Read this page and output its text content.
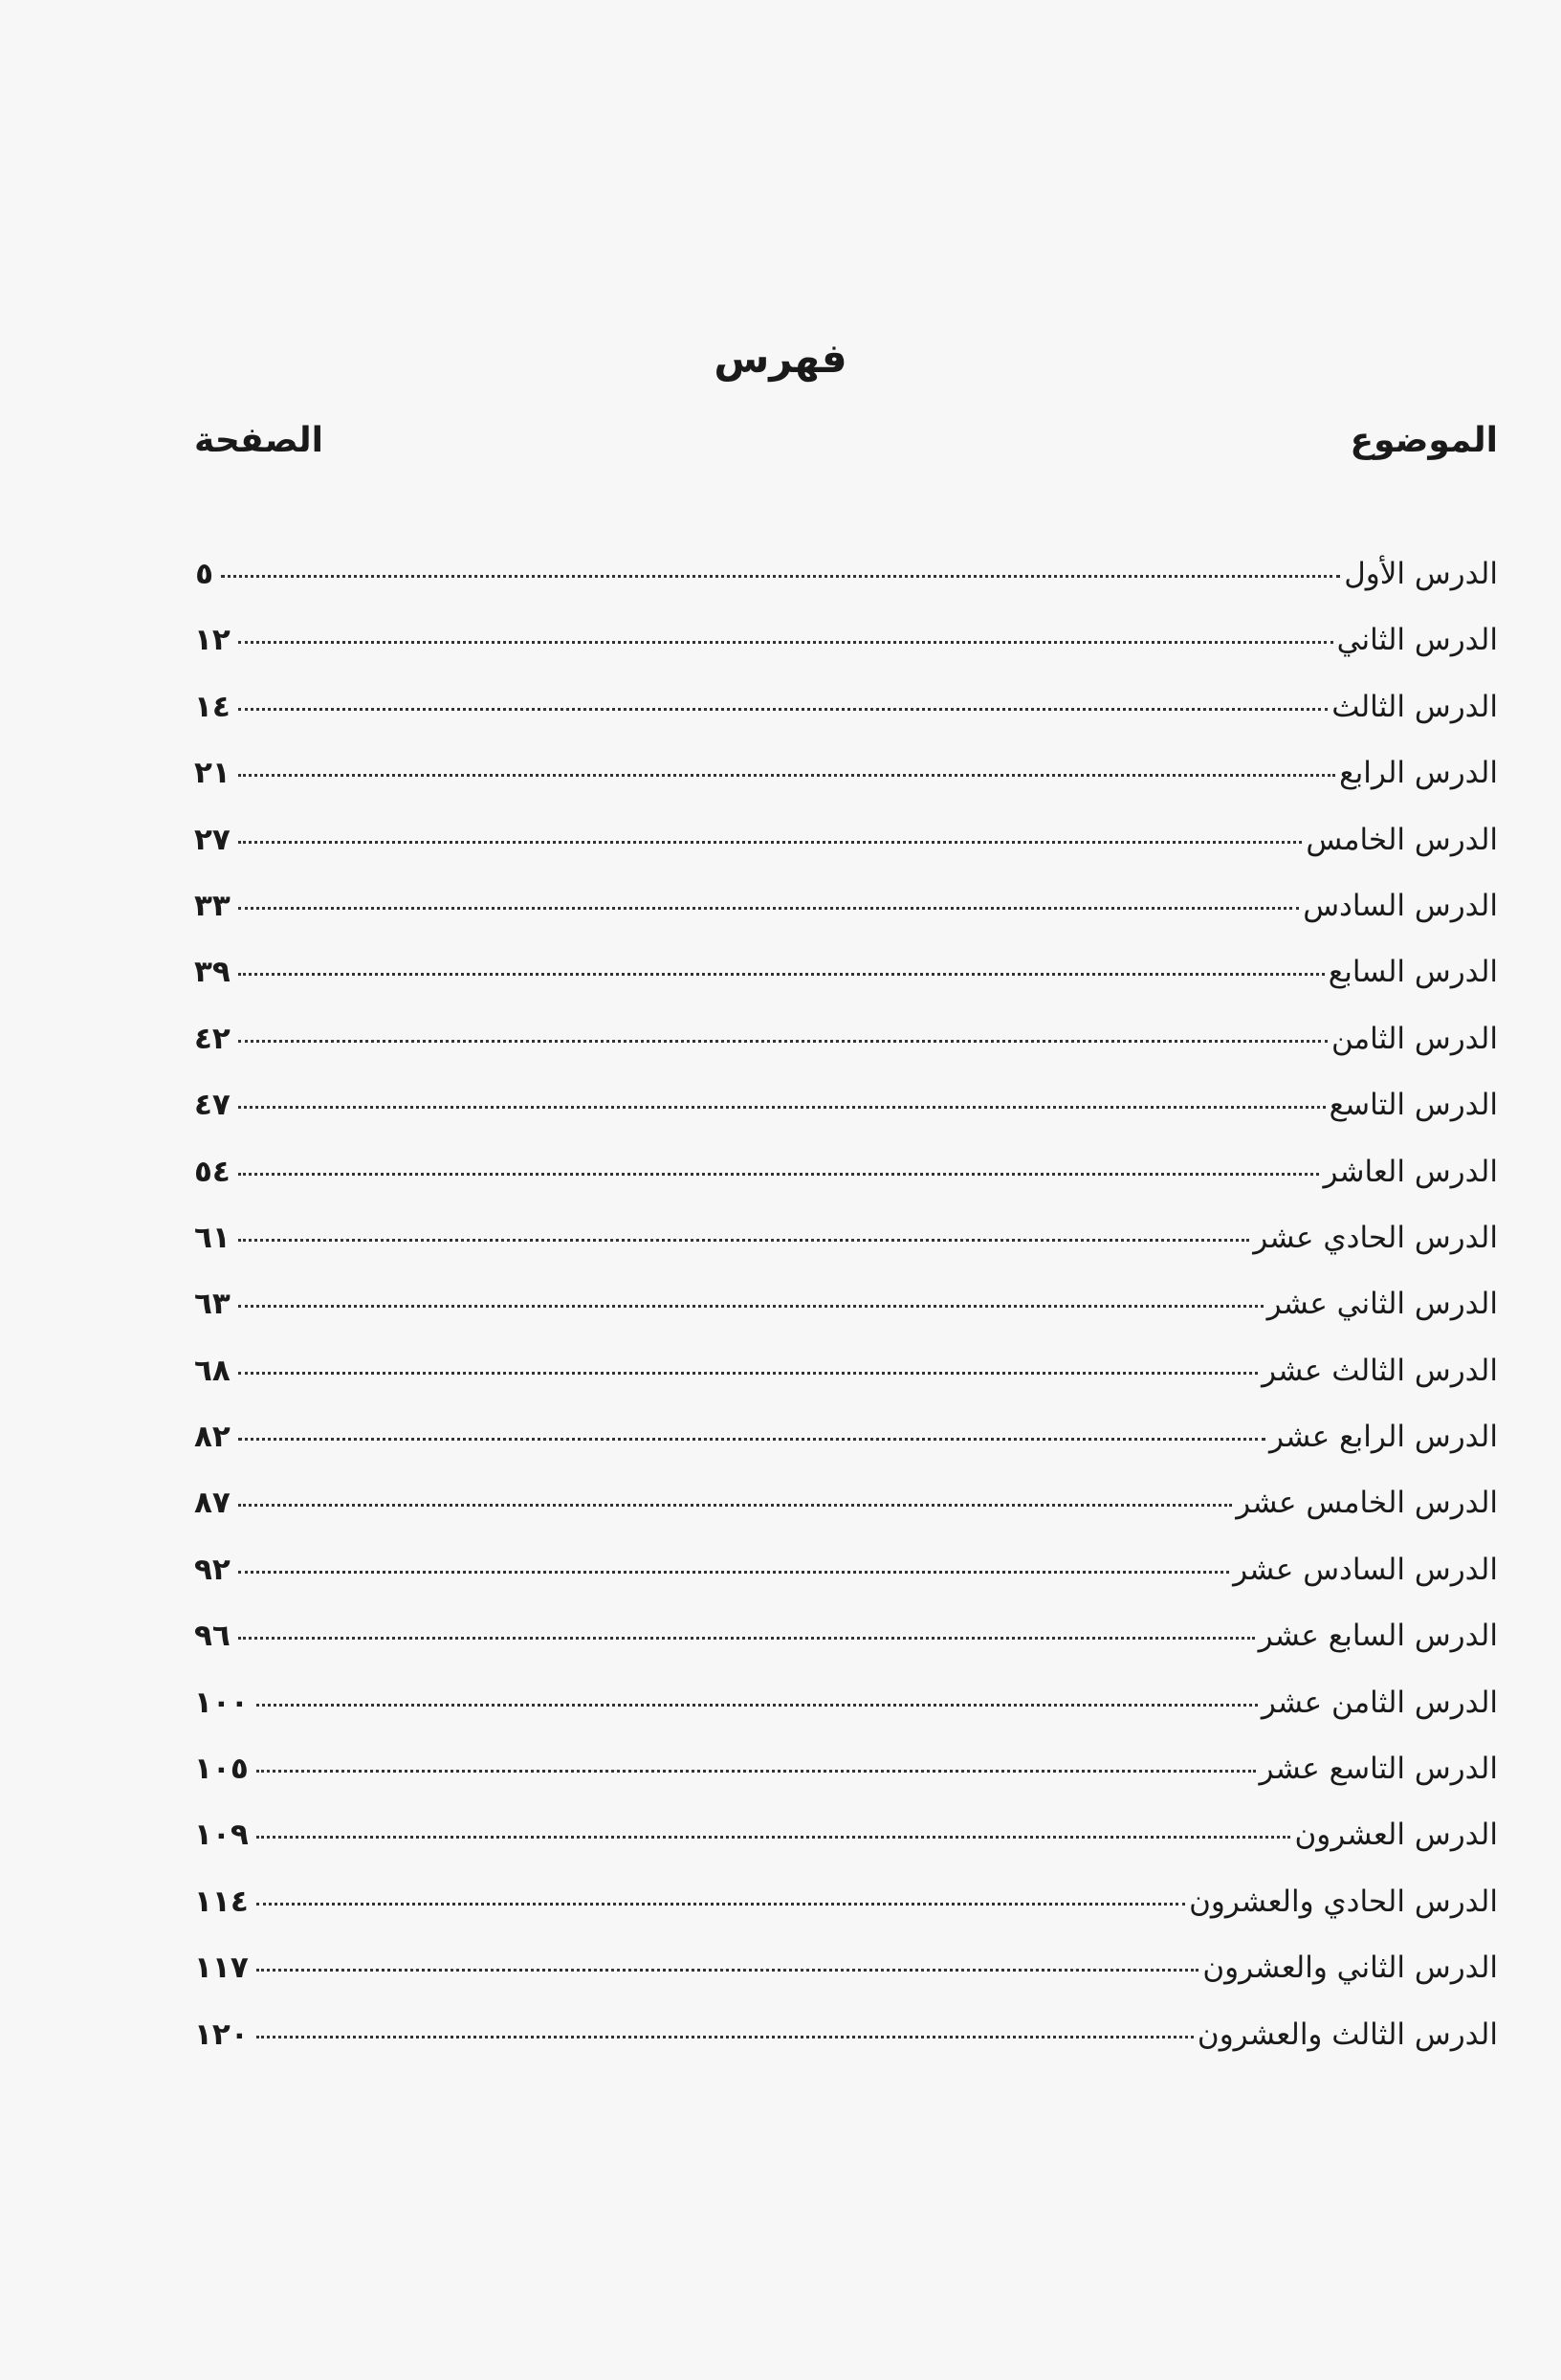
فهرس
الموضوع
الصفحة
الدرس الأول
٥
الدرس الثاني
١٢
الدرس الثالث
١٤
الدرس الرابع
٢١
الدرس الخامس
٢٧
الدرس السادس
٣٣
الدرس السابع
٣٩
الدرس الثامن
٤٢
الدرس التاسع
٤٧
الدرس العاشر
٥٤
الدرس الحادي عشر
٦١
الدرس الثاني عشر
٦٣
الدرس الثالث عشر
٦٨
الدرس الرابع عشر
٨٢
الدرس الخامس عشر
٨٧
الدرس السادس عشر
٩٢
الدرس السابع عشر
٩٦
الدرس الثامن عشر
١٠٠
الدرس التاسع عشر
١٠٥
الدرس العشرون
١٠٩
الدرس الحادي والعشرون
١١٤
الدرس الثاني والعشرون
١١٧
الدرس الثالث والعشرون
١٢٠
